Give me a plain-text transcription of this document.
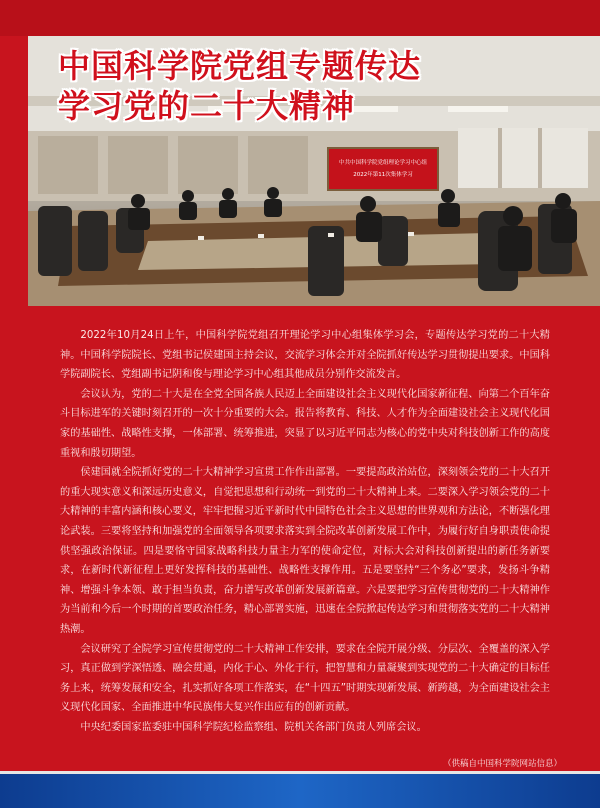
中共中国科学院党组理论学习中心组
2022年第11次集体学习
中国科学院党组专题传达
学习党的二十大精神

2022年10月24日上午，中国科学院党组召开理论学习中心组集体学习会，专题传达学习党的二十大精神。中国科学院院长、党组书记侯建国主持会议，交流学习体会并对全院抓好传达学习贯彻提出要求。中国科学院副院长、党组副书记阴和俊与理论学习中心组其他成员分别作交流发言。

会议认为，党的二十大是在全党全国各族人民迈上全面建设社会主义现代化国家新征程、向第二个百年奋斗目标进军的关键时刻召开的一次十分重要的大会。报告将教育、科技、人才作为全面建设社会主义现代化国家的基础性、战略性支撑，一体部署、统筹推进，突显了以习近平同志为核心的党中央对科技创新工作的高度重视和殷切期望。

侯建国就全院抓好党的二十大精神学习宣贯工作作出部署。一要提高政治站位，深刻领会党的二十大召开的重大现实意义和深远历史意义，自觉把思想和行动统一到党的二十大精神上来。二要深入学习领会党的二十大精神的丰富内涵和核心要义，牢牢把握习近平新时代中国特色社会主义思想的世界观和方法论，不断强化理论武装。三要将坚持和加强党的全面领导各项要求落实到全院改革创新发展工作中，为履行好自身职责使命提供坚强政治保证。四是要恪守国家战略科技力量主力军的使命定位，对标大会对科技创新提出的新任务新要求，在新时代新征程上更好发挥科技的基础性、战略性支撑作用。五是要坚持“三个务必”要求，发扬斗争精神、增强斗争本领、敢于担当负责，奋力谱写改革创新发展新篇章。六是要把学习宣传贯彻党的二十大精神作为当前和今后一个时期的首要政治任务，精心部署实施，迅速在全院掀起传达学习和贯彻落实党的二十大精神热潮。

会议研究了全院学习宣传贯彻党的二十大精神工作安排，要求在全院开展分级、分层次、全覆盖的深入学习，真正做到学深悟透、融会贯通，内化于心、外化于行，把智慧和力量凝聚到实现党的二十大确定的目标任务上来，统筹发展和安全，扎实抓好各项工作落实，在“十四五”时期实现新发展、新跨越，为全面建设社会主义现代化国家、全面推进中华民族伟大复兴作出应有的创新贡献。

中央纪委国家监委驻中国科学院纪检监察组、院机关各部门负责人列席会议。

（供稿自中国科学院网站信息）
